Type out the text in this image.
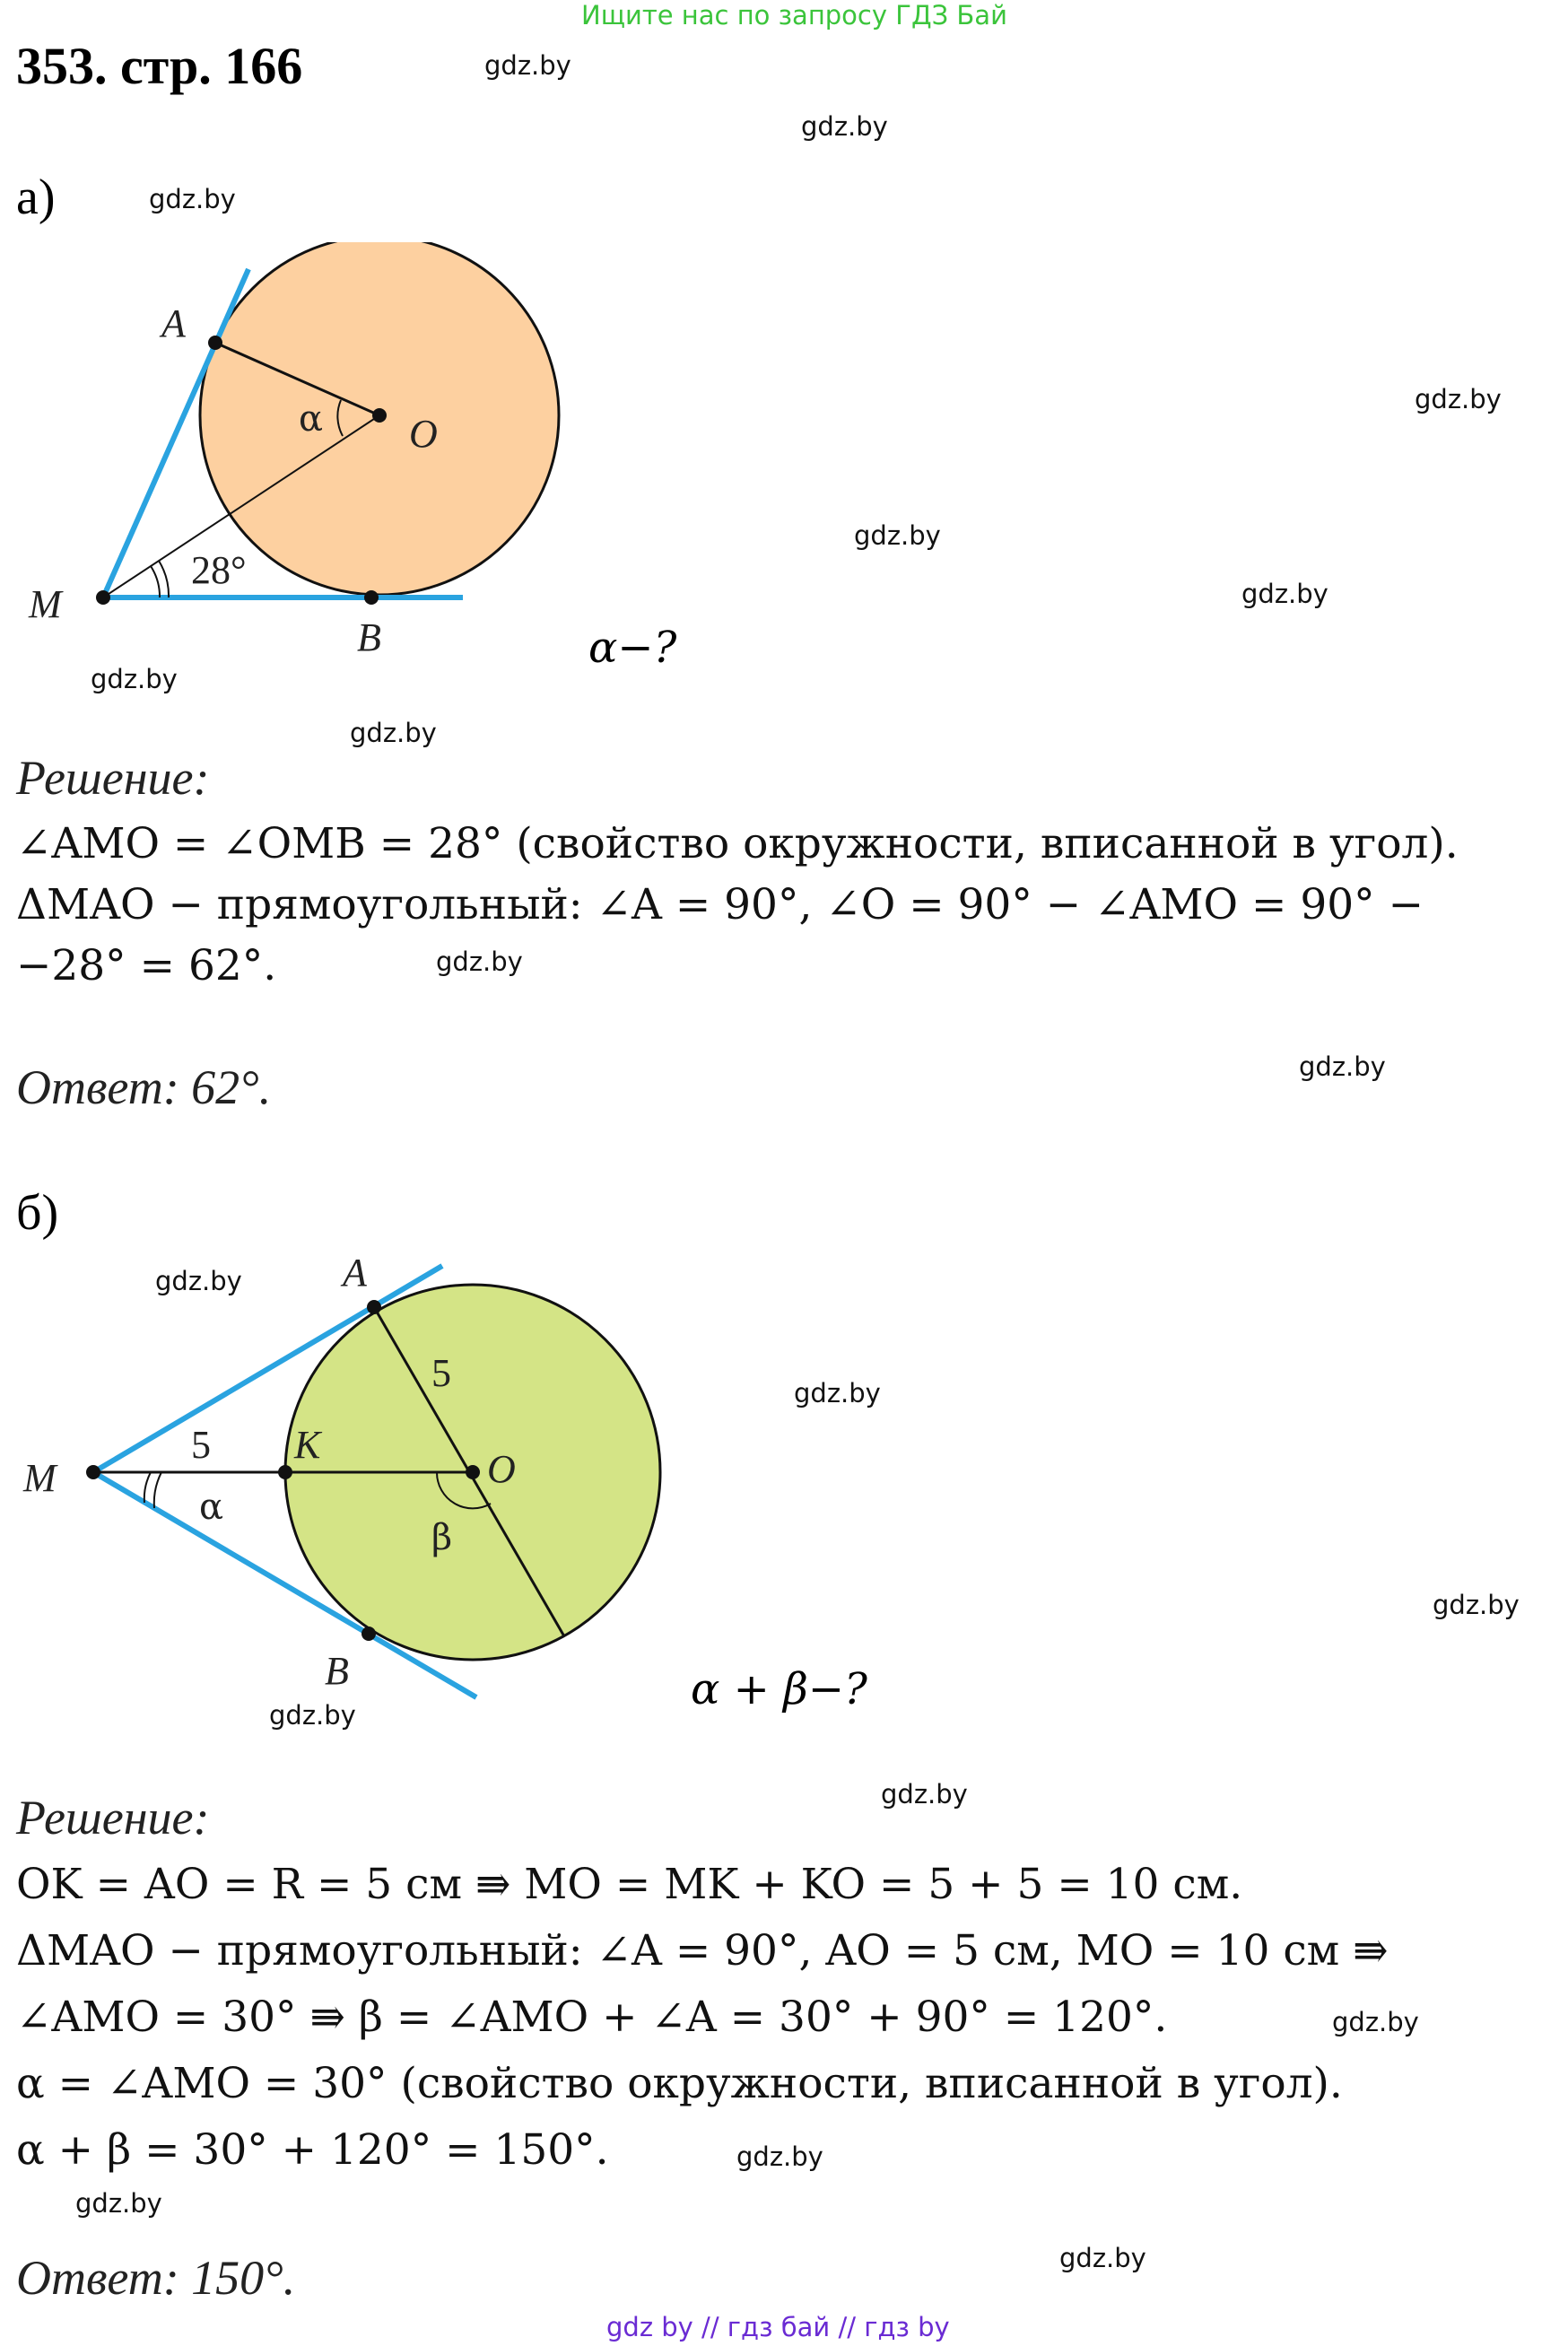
Ищите нас по запросу ГДЗ Бай
353. стр. 166	gdz.by
gdz.by
gdz.by
gdz.by
gdz.by
gdz.by
gdz.by
gdz.by
gdz.by
gdz.by
gdz.by
gdz.by
gdz.by
gdz.by
gdz.by
gdz.by
gdz.by
gdz.by
gdz.by
а)
A
O
M
B
α
28°
α−?
Решение:
∠AMO = ∠OMB = 28° (свойство окружности, вписанной в угол).
ΔMAO − прямоугольный: ∠A = 90°, ∠O = 90° − ∠AMO = 90° −
−28° = 62°.
Ответ: 62°.
б)
A
O
M
K
B
5
5
α
β
α + β−?
Решение:
OK = AO = R = 5 см ⇛ MO = MK + KO = 5 + 5 = 10 см.
ΔMAO − прямоугольный: ∠A = 90°, AO = 5 см, MO = 10 см ⇛
∠AMO = 30° ⇛ β = ∠AMO + ∠A = 30° + 90° = 120°.
α = ∠AMO = 30° (свойство окружности, вписанной в угол).
α + β = 30° + 120° = 150°.
Ответ: 150°.
gdz by // гдз бай // гдз by
